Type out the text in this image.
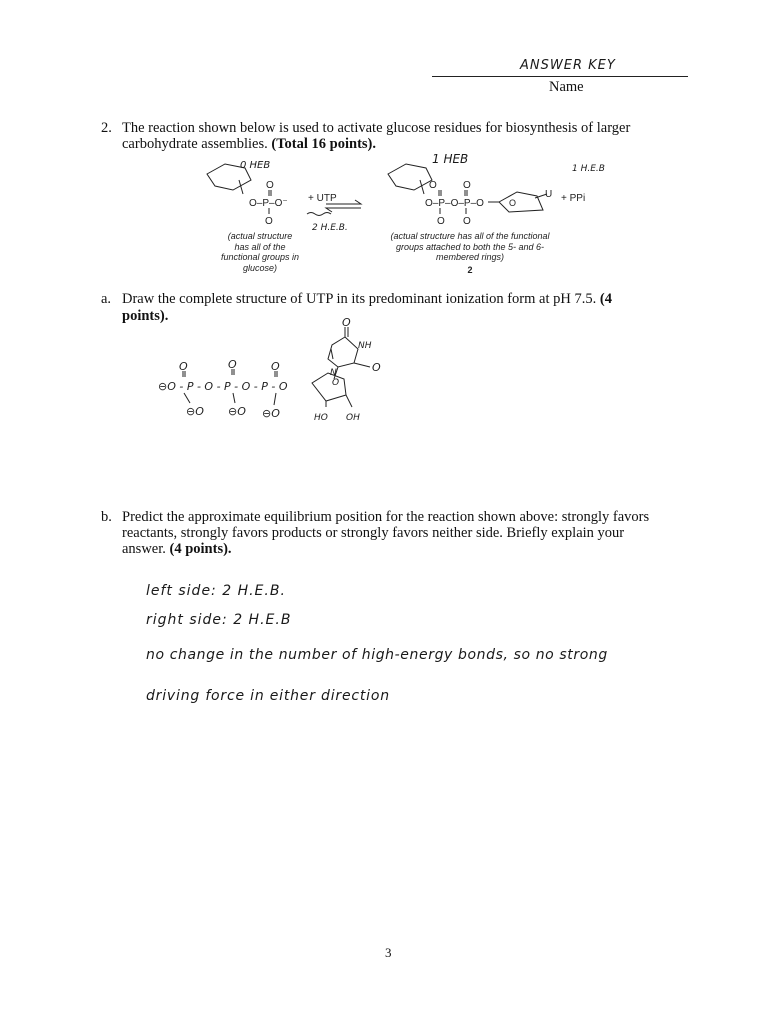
ANSWER KEY
Name
2. The reaction shown below is used to activate glucose residues for biosynthesis of larger
carbohydrate assemblies. (Total 16 points).
O
O–P–O⁻
O
O	O
O–P–O–P–O
O O
O
0 HEB
+ UTP
2 H.E.B.
1 HEB
U + PPi
1 H.E.B
(actual structure
has all of the
functional groups in
glucose)
(actual structure has all of the functional
groups attached to both the 5- and 6-
membered rings)
2
a. Draw the complete structure of UTP in its predominant ionization form at pH 7.5. (4
points).	O
NH
N	O
O
O	O	O
⊖O - P - O - P - O - P - O
⊖O ⊖O ⊖O	HO OH
b. Predict the approximate equilibrium position for the reaction shown above: strongly favors
reactants, strongly favors products or strongly favors neither side. Briefly explain your
answer. (4 points).
left side: 2 H.E.B.
right side: 2 H.E.B
no change in the number of high-energy bonds, so no strong
driving force in either direction
3
